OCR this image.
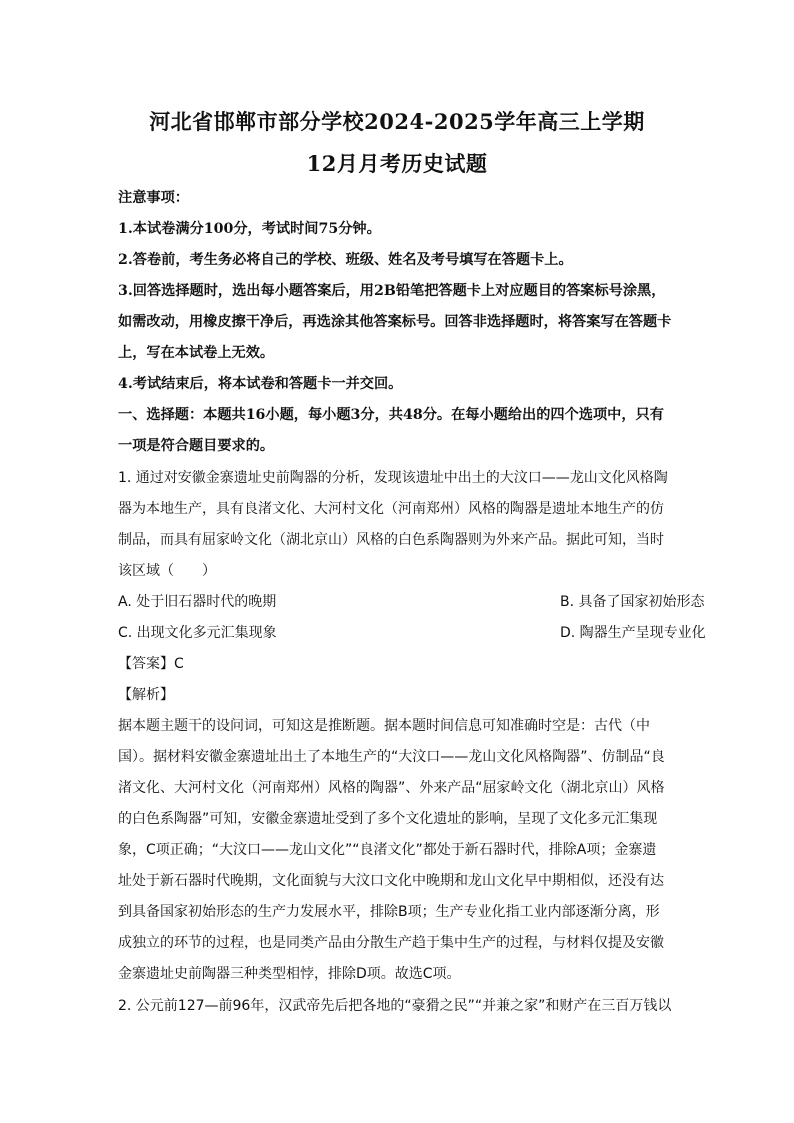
河北省邯郸市部分学校2024-2025学年高三上学期
12月月考历史试题

注意事项：

1.本试卷满分100分，考试时间75分钟。

2.答卷前，考生务必将自己的学校、班级、姓名及考号填写在答题卡上。

3.回答选择题时，选出每小题答案后，用2B铅笔把答题卡上对应题目的答案标号涂黑，

如需改动，用橡皮擦干净后，再选涂其他答案标号。回答非选择题时，将答案写在答题卡

上，写在本试卷上无效。

4.考试结束后，将本试卷和答题卡一并交回。

一、选择题：本题共16小题，每小题3分，共48分。在每小题给出的四个选项中，只有

一项是符合题目要求的。

1. 通过对安徽金寨遗址史前陶器的分析，发现该遗址中出土的大汶口——龙山文化风格陶

器为本地生产，具有良渚文化、大河村文化（河南郑州）风格的陶器是遗址本地生产的仿

制品，而具有屈家岭文化（湖北京山）风格的白色系陶器则为外来产品。据此可知，当时

该区域（　　）

A. 处于旧石器时代的晚期	B. 具备了国家初始形态

C. 出现文化多元汇集现象	D. 陶器生产呈现专业化

【答案】C

【解析】

据本题主题干的设问词，可知这是推断题。据本题时间信息可知准确时空是：古代（中

国）。据材料安徽金寨遗址出土了本地生产的“大汶口——龙山文化风格陶器”、仿制品“良

渚文化、大河村文化（河南郑州）风格的陶器”、外来产品“屈家岭文化（湖北京山）风格

的白色系陶器”可知，安徽金寨遗址受到了多个文化遗址的影响，呈现了文化多元汇集现

象，C项正确；“大汶口——龙山文化”“良渚文化”都处于新石器时代，排除A项；金寨遗

址处于新石器时代晚期，文化面貌与大汶口文化中晚期和龙山文化早中期相似，还没有达

到具备国家初始形态的生产力发展水平，排除B项；生产专业化指工业内部逐渐分离，形

成独立的环节的过程，也是同类产品由分散生产趋于集中生产的过程，与材料仅提及安徽

金寨遗址史前陶器三种类型相悖，排除D项。故选C项。

2. 公元前127—前96年，汉武帝先后把各地的“豪猾之民”“并兼之家”和财产在三百万钱以
